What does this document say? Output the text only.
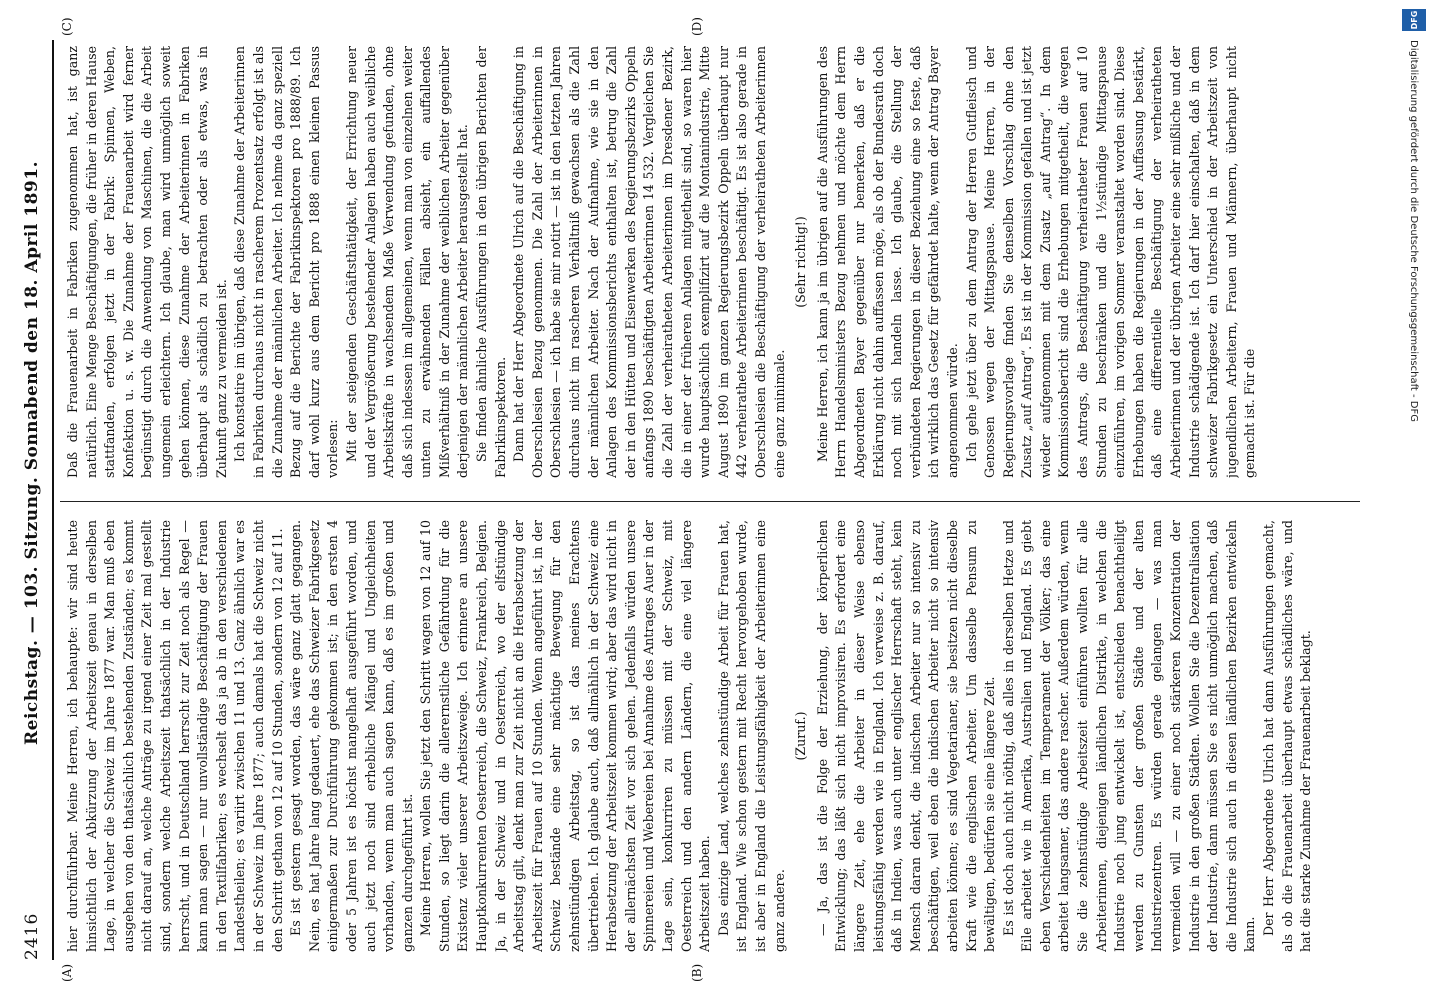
2416
Reichstag. — 103. Sitzung. Sonnabend den 18. April 1891.
(A)	(B)
(C)	(D)

hier durchführbar. Meine Herren, ich behaupte: wir sind heute hinsichtlich der Abkürzung der Arbeitszeit genau in derselben Lage, in welcher die Schweiz im Jahre 1877 war. Man muß eben ausgehen von den thatsächlich bestehenden Zuständen; es kommt nicht darauf an, welche Anträge zu irgend einer Zeit mal gestellt sind, sondern welche Arbeitszeit thatsächlich in der Industrie herrscht, und in Deutschland herrscht zur Zeit noch als Regel — kann man sagen — nur unvollständige Beschäftigung der Frauen in den Textilfabriken; es wechselt das ja ab in den verschiedenen Landestheilen; es variirt zwischen 11 und 13. Ganz ähnlich war es in der Schweiz im Jahre 1877; auch damals hat die Schweiz nicht den Schritt gethan von 12 auf 10 Stunden, sondern von 12 auf 11. Es ist gestern gesagt worden, das wäre ganz glatt gegangen. Nein, es hat Jahre lang gedauert, ehe das Schweizer Fabrikgesetz einigermaßen zur Durchführung gekommen ist; in den ersten 4 oder 5 Jahren ist es höchst mangelhaft ausgeführt worden, und auch jetzt noch sind erhebliche Mängel und Ungleichheiten vorhanden, wenn man auch sagen kann, daß es im großen und ganzen durchgeführt ist. Meine Herren, wollen Sie jetzt den Schritt wagen von 12 auf 10 Stunden, so liegt darin die allerernstliche Gefährdung für die Existenz vieler unserer Arbeitszweige. Ich erinnere an unsere Hauptkonkurrenten Oesterreich, die Schweiz, Frankreich, Belgien. Ja, in der Schweiz und in Oesterreich, wo der elfstündige Arbeitstag gilt, denkt man zur Zeit nicht an die Herabsetzung der Arbeitszeit für Frauen auf 10 Stunden. Wenn angeführt ist, in der Schweiz bestände eine sehr mächtige Bewegung für den zehnstündigen Arbeitstag, so ist das meines Erachtens übertrieben. Ich glaube auch, daß allmählich in der Schweiz eine Herabsetzung der Arbeitszeit kommen wird; aber das wird nicht in der allernächsten Zeit vor sich gehen. Jedenfalls würden unsere Spinnereien und Webereien bei Annahme des Antrages Auer in der Lage sein, konkurriren zu müssen mit der Schweiz, mit Oesterreich und den andern Ländern, die eine viel längere Arbeitszeit haben. Das einzige Land, welches zehnstündige Arbeit für Frauen hat, ist England. Wie schon gestern mit Recht hervorgehoben wurde, ist aber in England die Leistungsfähigkeit der Arbeiterinnen eine ganz andere.

(Zuruf.) — Ja, das ist die Folge der Erziehung, der körperlichen Entwicklung; das läßt sich nicht improvisiren. Es erfordert eine längere Zeit, ehe die Arbeiter in dieser Weise ebenso leistungsfähig werden wie in England. Ich verweise z. B. darauf, daß in Indien, was auch unter englischer Herrschaft steht, kein Mensch daran denkt, die indischen Arbeiter nur so intensiv zu beschäftigen, weil eben die indischen Arbeiter nicht so intensiv arbeiten können; es sind Vegetarianer, sie besitzen nicht dieselbe Kraft wie die englischen Arbeiter. Um dasselbe Pensum zu bewältigen, bedürfen sie eine längere Zeit. Es ist doch auch nicht nöthig, daß alles in derselben Hetze und Eile arbeitet wie in Amerika, Australien und England. Es giebt eben Verschiedenheiten im Temperament der Völker; das eine arbeitet langsamer, das andere rascher. Außerdem würden, wenn Sie die zehnstündige Arbeitszeit einführen wollten für alle Arbeiterinnen, diejenigen ländlichen Distrikte, in welchen die Industrie noch jung entwickelt ist, entschieden benachtheiligt werden zu Gunsten der großen Städte und der alten Industriezentren. Es würden gerade gelangen — was man vermeiden will — zu einer noch stärkeren Konzentration der Industrie in den großen Städten. Wollen Sie die Dezentralisation der Industrie, dann müssen Sie es nicht unmöglich machen, daß die Industrie sich auch in diesen ländlichen Bezirken entwickeln kann. Der Herr Abgeordnete Ulrich hat dann Ausführungen gemacht, als ob die Frauenarbeit überhaupt etwas schädliches wäre, und hat die starke Zunahme der Frauenarbeit beklagt.

Daß die Frauenarbeit in Fabriken zugenommen hat, ist ganz natürlich. Eine Menge Beschäftigungen, die früher in deren Hause stattfanden, erfolgen jetzt in der Fabrik: Spinnen, Weben, Konfektion u. s. w. Die Zunahme der Frauenarbeit wird ferner begünstigt durch die Anwendung von Maschinen, die die Arbeit ungemein erleichtern. Ich glaube, man wird unmöglich soweit gehen können, diese Zunahme der Arbeiterinnen in Fabriken überhaupt als schädlich zu betrachten oder als etwas, was in Zukunft ganz zu vermeiden ist. Ich konstatire im übrigen, daß diese Zunahme der Arbeiterinnen in Fabriken durchaus nicht in rascherem Prozentsatz erfolgt ist als die Zunahme der männlichen Arbeiter. Ich nehme da ganz speziell Bezug auf die Berichte der Fabrikinspektoren pro 1888/89. Ich darf wohl kurz aus dem Bericht pro 1888 einen kleinen Passus vorlesen: Mit der steigenden Geschäftsthätigkeit, der Errichtung neuer und der Vergrößerung bestehender Anlagen haben auch weibliche Arbeitskräfte in wachsendem Maße Verwendung gefunden, ohne daß sich indessen im allgemeinen, wenn man von einzelnen weiter unten zu erwähnenden Fällen absieht, ein auffallendes Mißverhältniß in der Zunahme der weiblichen Arbeiter gegenüber derjenigen der männlichen Arbeiter herausgestellt hat. Sie finden ähnliche Ausführungen in den übrigen Berichten der Fabrikinspektoren. Dann hat der Herr Abgeordnete Ulrich auf die Beschäftigung in Oberschlesien Bezug genommen. Die Zahl der Arbeiterinnen in Oberschlesien — ich habe sie mir notirt — ist in den letzten Jahren durchaus nicht im rascheren Verhältniß gewachsen als die Zahl der männlichen Arbeiter. Nach der Aufnahme, wie sie in den Anlagen des Kommissionsberichts enthalten ist, betrug die Zahl der in den Hütten und Eisenwerken des Regierungsbezirks Oppeln anfangs 1890 beschäftigten Arbeiterinnen 14 532. Vergleichen Sie die Zahl der verheiratheten Arbeiterinnen im Dresdener Bezirk, die in einer der früheren Anlagen mitgetheilt sind, so waren hier wurde hauptsächlich exemplifizirt auf die Montanindustrie, Mitte August 1890 im ganzen Regierungsbezirk Oppeln überhaupt nur 442 verheirathete Arbeiterinnen beschäftigt. Es ist also gerade in Oberschlesien die Beschäftigung der verheiratheten Arbeiterinnen eine ganz minimale.

(Sehr richtig!) Meine Herren, ich kann ja im übrigen auf die Ausführungen des Herrn Handelsministers Bezug nehmen und möchte dem Herrn Abgeordneten Bayer gegenüber nur bemerken, daß er die Erklärung nicht dahin auffassen möge, als ob der Bundesrath doch noch mit sich handeln lasse. Ich glaube, die Stellung der verbündeten Regierungen in dieser Beziehung eine so feste, daß ich wirklich das Gesetz für gefährdet halte, wenn der Antrag Bayer angenommen würde. Ich gehe jetzt über zu dem Antrag der Herren Gutfleisch und Genossen wegen der Mittagspause. Meine Herren, in der Regierungsvorlage finden Sie denselben Vorschlag ohne den Zusatz „auf Antrag“. Es ist in der Kommission gefallen und ist jetzt wieder aufgenommen mit dem Zusatz „auf Antrag“. In dem Kommissionsbericht sind die Erhebungen mitgetheilt, die wegen des Antrags, die Beschäftigung verheiratheter Frauen auf 10 Stunden zu beschränken und die 1½stündige Mittagspause einzuführen, im vorigen Sommer veranstaltet worden sind. Diese Erhebungen haben die Regierungen in der Auffassung bestärkt, daß eine differentielle Beschäftigung der verheiratheten Arbeiterinnen und der übrigen Arbeiter eine sehr mißliche und der Industrie schädigende ist. Ich darf hier einschalten, daß in dem schweizer Fabrikgesetz ein Unterschied in der Arbeitszeit von jugendlichen Arbeitern, Frauen und Männern, überhaupt nicht gemacht ist. Für die

DFG
Digitalisierung gefördert durch die Deutsche Forschungsgemeinschaft - DFG
